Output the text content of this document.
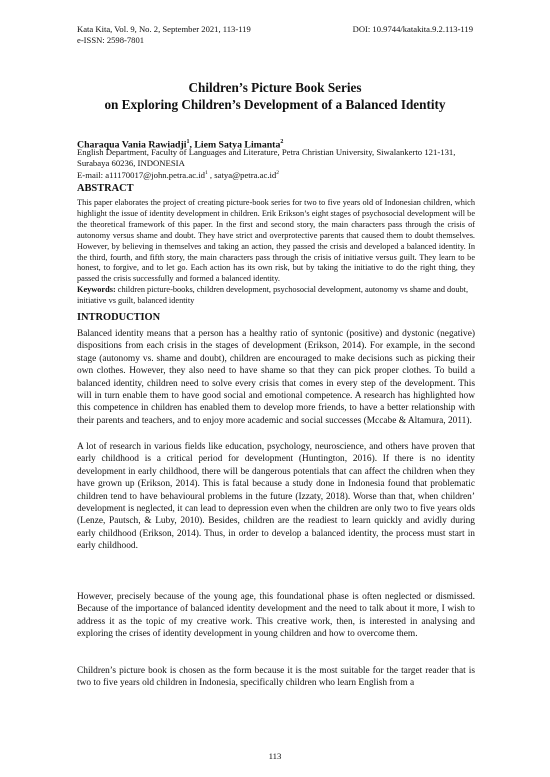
Kata Kita, Vol. 9, No. 2, September 2021, 113-119
e-ISSN: 2598-7801
DOI: 10.9744/katakita.9.2.113-119
Children’s Picture Book Series
on Exploring Children’s Development of a Balanced Identity
Charaqua Vania Rawiadji$^1$, Liem Satya Limanta$^2$
English Department, Faculty of Languages and Literature, Petra Christian University, Siwalankerto 121-131, Surabaya 60236, INDONESIA
E-mail: $a11170017@john.petra.ac.id^1$ , $satya@petra.ac.id^2$
ABSTRACT
This paper elaborates the project of creating picture-book series for two to five years old of Indonesian children, which highlight the issue of identity development in children. Erik Erikson’s eight stages of psychosocial development will be the theoretical framework of this paper. In the first and second story, the main characters pass through the crisis of autonomy versus shame and doubt. They have strict and overprotective parents that caused them to doubt themselves. However, by believing in themselves and taking an action, they passed the crisis and developed a balanced identity. In the third, fourth, and fifth story, the main characters pass through the crisis of initiative versus guilt. They learn to be honest, to forgive, and to let go. Each action has its own risk, but by taking the initiative to do the right thing, they passed the crisis successfully and formed a balanced identity.
Keywords: children picture-books, children development, psychosocial development, autonomy vs shame and doubt, initiative vs guilt, balanced identity
INTRODUCTION
Balanced identity means that a person has a healthy ratio of syntonic (positive) and dystonic (negative) dispositions from each crisis in the stages of development (Erikson, 2014). For example, in the second stage (autonomy vs. shame and doubt), children are encouraged to make decisions such as picking their own clothes. However, they also need to have shame so that they can pick proper clothes. To build a balanced identity, children need to solve every crisis that comes in every step of the development. This will in turn enable them to have good social and emotional competence. A research has highlighted how this competence in children has enabled them to develop more friends, to have a better relationship with their parents and teachers, and to enjoy more academic and social successes (Mccabe & Altamura, 2011).
A lot of research in various fields like education, psychology, neuroscience, and others have proven that early childhood is a critical period for development (Huntington, 2016). If there is no identity development in early childhood, there will be dangerous potentials that can affect the children when they have grown up (Erikson, 2014). This is fatal because a study done in Indonesia found that problematic children tend to have behavioural problems in the future (Izzaty, 2018). Worse than that, when children’ development is neglected, it can lead to depression even when the children are only two to five years olds (Lenze, Pautsch, & Luby, 2010). Besides, children are the readiest to learn quickly and avidly during early childhood (Erikson, 2014). Thus, in order to develop a balanced identity, the process must start in early childhood.
However, precisely because of the young age, this foundational phase is often neglected or dismissed. Because of the importance of balanced identity development and the need to talk about it more, I wish to address it as the topic of my creative work. This creative work, then, is interested in analysing and exploring the crises of identity development in young children and how to overcome them.
Children’s picture book is chosen as the form because it is the most suitable for the target reader that is two to five years old children in Indonesia, specifically children who learn English from a
113
